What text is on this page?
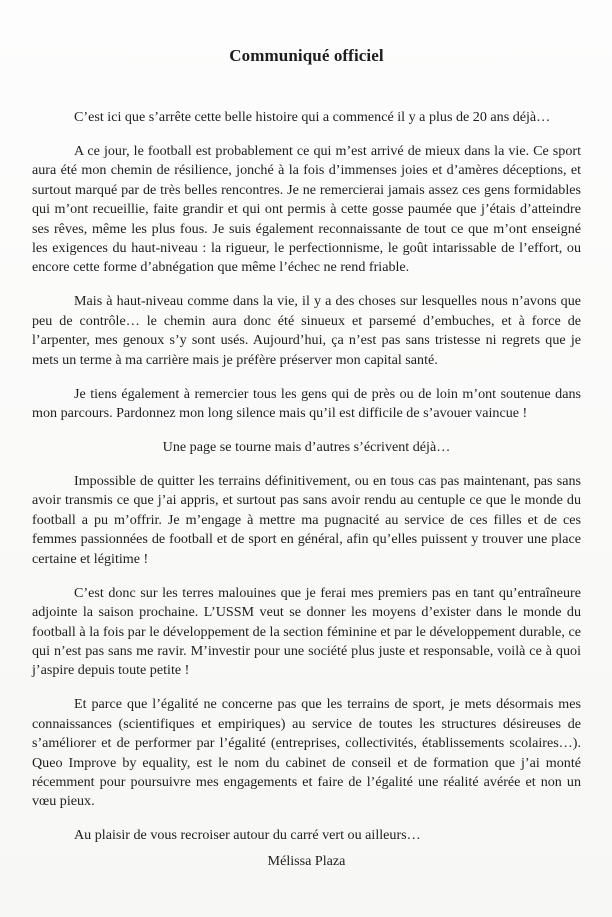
Communiqué officiel

C’est ici que s’arrête cette belle histoire qui a commencé il y a plus de 20 ans déjà…

A ce jour, le football est probablement ce qui m’est arrivé de mieux dans la vie. Ce sport aura été mon chemin de résilience, jonché à la fois d’immenses joies et d’amères déceptions, et surtout marqué par de très belles rencontres. Je ne remercierai jamais assez ces gens formidables qui m’ont recueillie, faite grandir et qui ont permis à cette gosse paumée que j’étais d’atteindre ses rêves, même les plus fous. Je suis également reconnaissante de tout ce que m’ont enseigné les exigences du haut-niveau : la rigueur, le perfectionnisme, le goût intarissable de l’effort, ou encore cette forme d’abnégation que même l’échec ne rend friable.

Mais à haut-niveau comme dans la vie, il y a des choses sur lesquelles nous n’avons que peu de contrôle… le chemin aura donc été sinueux et parsemé d’embuches, et à force de l’arpenter, mes genoux s’y sont usés. Aujourd’hui, ça n’est pas sans tristesse ni regrets que je mets un terme à ma carrière mais je préfère préserver mon capital santé.

Je tiens également à remercier tous les gens qui de près ou de loin m’ont soutenue dans mon parcours. Pardonnez mon long silence mais qu’il est difficile de s’avouer vaincue !

Une page se tourne mais d’autres s’écrivent déjà…

Impossible de quitter les terrains définitivement, ou en tous cas pas maintenant, pas sans avoir transmis ce que j’ai appris, et surtout pas sans avoir rendu au centuple ce que le monde du football a pu m’offrir. Je m’engage à mettre ma pugnacité au service de ces filles et de ces femmes passionnées de football et de sport en général, afin qu’elles puissent y trouver une place certaine et légitime !

C’est donc sur les terres malouines que je ferai mes premiers pas en tant qu’entraîneure adjointe la saison prochaine. L’USSM veut se donner les moyens d’exister dans le monde du football à la fois par le développement de la section féminine et par le développement durable, ce qui n’est pas sans me ravir. M’investir pour une société plus juste et responsable, voilà ce à quoi j’aspire depuis toute petite !

Et parce que l’égalité ne concerne pas que les terrains de sport, je mets désormais mes connaissances (scientifiques et empiriques) au service de toutes les structures désireuses de s’améliorer et de performer par l’égalité (entreprises, collectivités, établissements scolaires…). Queo Improve by equality, est le nom du cabinet de conseil et de formation que j’ai monté récemment pour poursuivre mes engagements et faire de l’égalité une réalité avérée et non un vœu pieux.

Au plaisir de vous recroiser autour du carré vert ou ailleurs…

Mélissa Plaza
